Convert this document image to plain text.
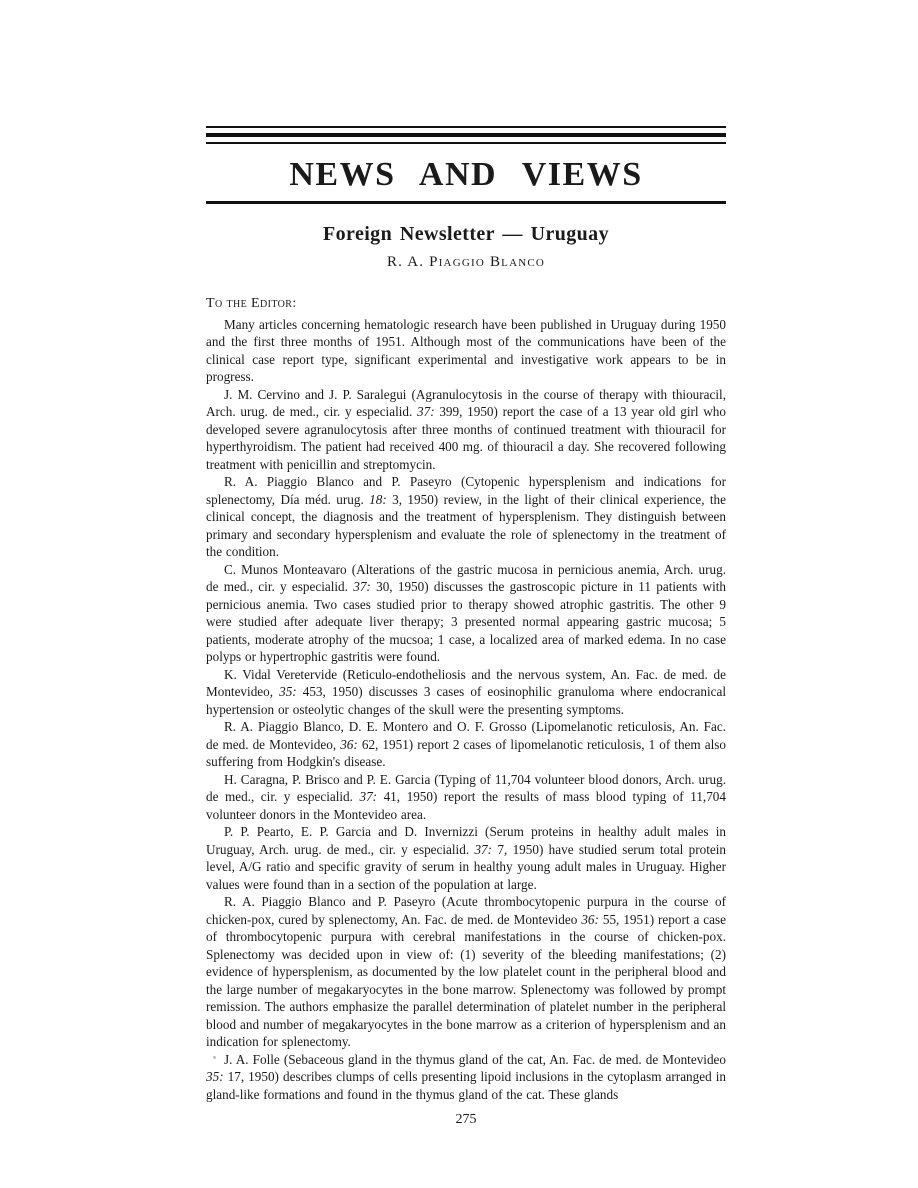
NEWS AND VIEWS
Foreign Newsletter — Uruguay
R. A. Piaggio Blanco
To the Editor:

Many articles concerning hematologic research have been published in Uruguay during 1950 and the first three months of 1951. Although most of the communications have been of the clinical case report type, significant experimental and investigative work appears to be in progress.

J. M. Cervino and J. P. Saralegui (Agranulocytosis in the course of therapy with thiouracil, Arch. urug. de med., cir. y especialid. 37: 399, 1950) report the case of a 13 year old girl who developed severe agranulocytosis after three months of continued treatment with thiouracil for hyperthyroidism. The patient had received 400 mg. of thiouracil a day. She recovered following treatment with penicillin and streptomycin.

R. A. Piaggio Blanco and P. Paseyro (Cytopenic hypersplenism and indications for splenectomy, Día méd. urug. 18: 3, 1950) review, in the light of their clinical experience, the clinical concept, the diagnosis and the treatment of hypersplenism. They distinguish between primary and secondary hypersplenism and evaluate the role of splenectomy in the treatment of the condition.

C. Munos Monteavaro (Alterations of the gastric mucosa in pernicious anemia, Arch. urug. de med., cir. y especialid. 37: 30, 1950) discusses the gastroscopic picture in 11 patients with pernicious anemia. Two cases studied prior to therapy showed atrophic gastritis. The other 9 were studied after adequate liver therapy; 3 presented normal appearing gastric mucosa; 5 patients, moderate atrophy of the mucsoa; 1 case, a localized area of marked edema. In no case polyps or hypertrophic gastritis were found.

K. Vidal Veretervide (Reticulo-endotheliosis and the nervous system, An. Fac. de med. de Montevideo, 35: 453, 1950) discusses 3 cases of eosinophilic granuloma where endocranical hypertension or osteolytic changes of the skull were the presenting symptoms.

R. A. Piaggio Blanco, D. E. Montero and O. F. Grosso (Lipomelanotic reticulosis, An. Fac. de med. de Montevideo, 36: 62, 1951) report 2 cases of lipomelanotic reticulosis, 1 of them also suffering from Hodgkin's disease.

H. Caragna, P. Brisco and P. E. Garcia (Typing of 11,704 volunteer blood donors, Arch. urug. de med., cir. y especialid. 37: 41, 1950) report the results of mass blood typing of 11,704 volunteer donors in the Montevideo area.

P. P. Pearto, E. P. Garcia and D. Invernizzi (Serum proteins in healthy adult males in Uruguay, Arch. urug. de med., cir. y especialid. 37: 7, 1950) have studied serum total protein level, A/G ratio and specific gravity of serum in healthy young adult males in Uruguay. Higher values were found than in a section of the population at large.

R. A. Piaggio Blanco and P. Paseyro (Acute thrombocytopenic purpura in the course of chicken-pox, cured by splenectomy, An. Fac. de med. de Montevideo 36: 55, 1951) report a case of thrombocytopenic purpura with cerebral manifestations in the course of chicken-pox. Splenectomy was decided upon in view of: (1) severity of the bleeding manifestations; (2) evidence of hypersplenism, as documented by the low platelet count in the peripheral blood and the large number of megakaryocytes in the bone marrow. Splenectomy was followed by prompt remission. The authors emphasize the parallel determination of platelet number in the peripheral blood and number of megakaryocytes in the bone marrow as a criterion of hypersplenism and an indication for splenectomy.

J. A. Folle (Sebaceous gland in the thymus gland of the cat, An. Fac. de med. de Montevideo 35: 17, 1950) describes clumps of cells presenting lipoid inclusions in the cytoplasm arranged in gland-like formations and found in the thymus gland of the cat. These glands

275
